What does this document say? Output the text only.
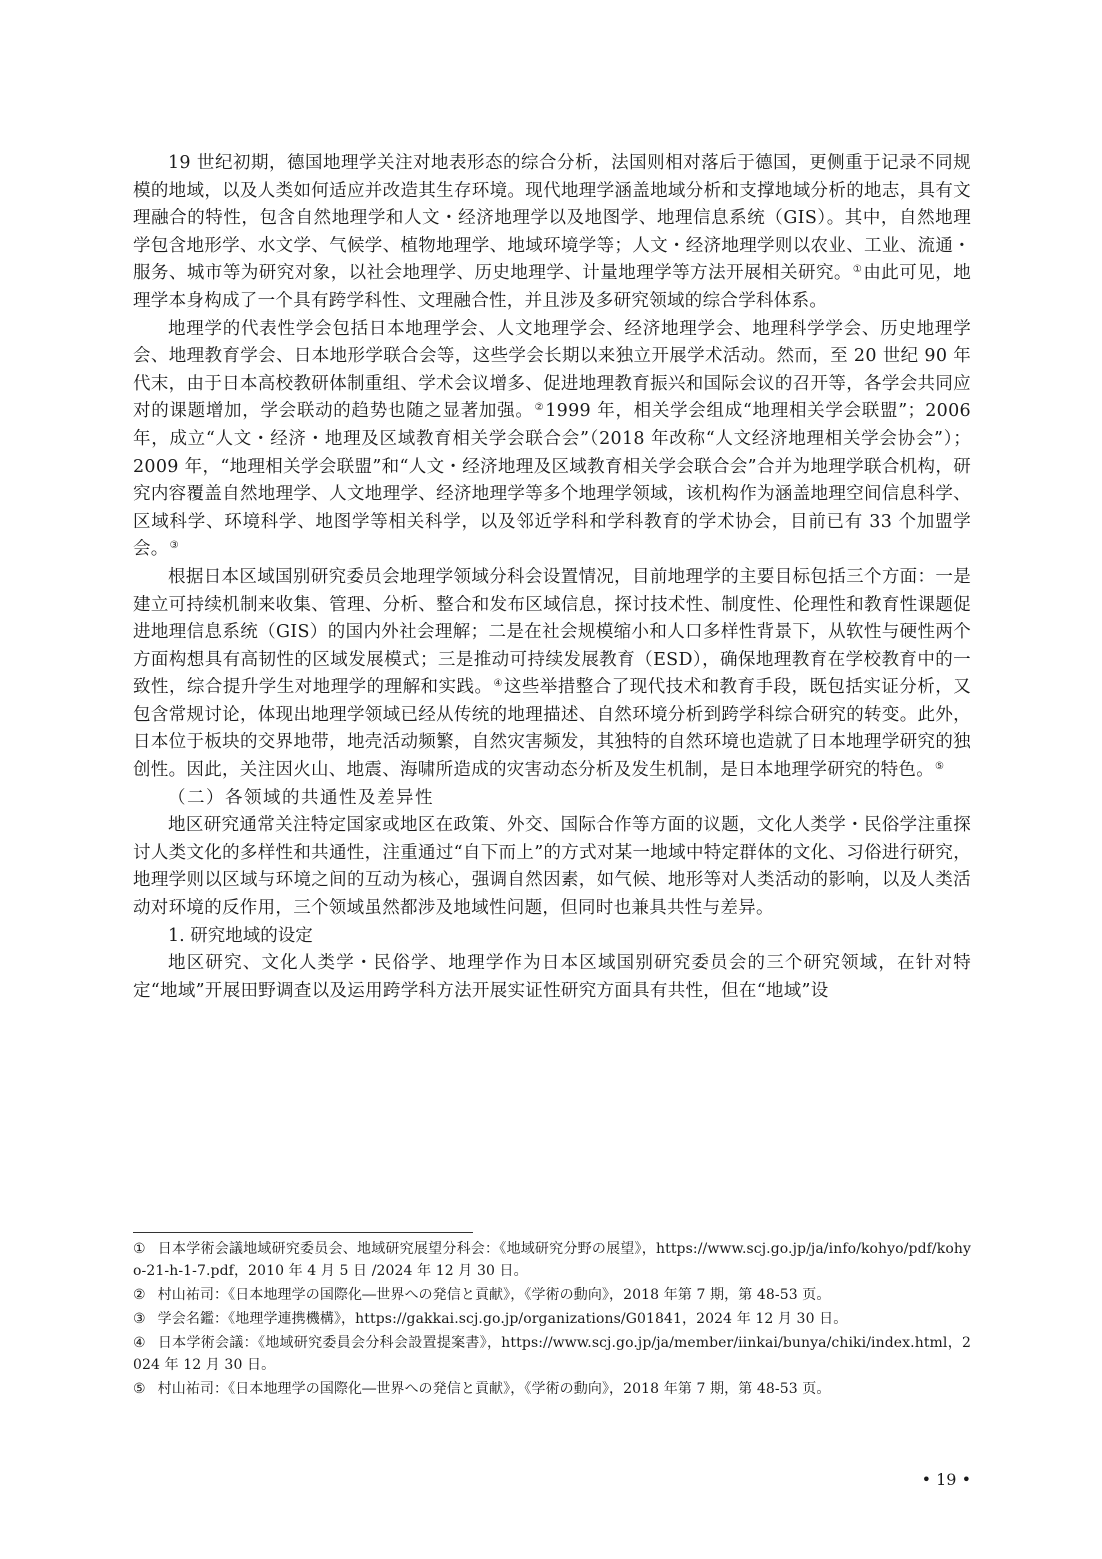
19 世纪初期，德国地理学关注对地表形态的综合分析，法国则相对落后于德国，更侧重于记录不同规模的地域，以及人类如何适应并改造其生存环境。现代地理学涵盖地域分析和支撑地域分析的地志，具有文理融合的特性，包含自然地理学和人文・经济地理学以及地图学、地理信息系统（GIS）。其中，自然地理学包含地形学、水文学、气候学、植物地理学、地域环境学等；人文・经济地理学则以农业、工业、流通・服务、城市等为研究对象，以社会地理学、历史地理学、计量地理学等方法开展相关研究。①由此可见，地理学本身构成了一个具有跨学科性、文理融合性，并且涉及多研究领域的综合学科体系。

地理学的代表性学会包括日本地理学会、人文地理学会、经济地理学会、地理科学学会、历史地理学会、地理教育学会、日本地形学联合会等，这些学会长期以来独立开展学术活动。然而，至 20 世纪 90 年代末，由于日本高校教研体制重组、学术会议增多、促进地理教育振兴和国际会议的召开等，各学会共同应对的课题增加，学会联动的趋势也随之显著加强。②1999 年，相关学会组成“地理相关学会联盟”；2006 年，成立“人文・经济・地理及区域教育相关学会联合会”（2018 年改称“人文经济地理相关学会协会”）；2009 年，“地理相关学会联盟”和“人文・经济地理及区域教育相关学会联合会”合并为地理学联合机构，研究内容覆盖自然地理学、人文地理学、经济地理学等多个地理学领域，该机构作为涵盖地理空间信息科学、区域科学、环境科学、地图学等相关科学，以及邻近学科和学科教育的学术协会，目前已有 33 个加盟学会。③

根据日本区域国别研究委员会地理学领域分科会设置情况，目前地理学的主要目标包括三个方面：一是建立可持续机制来收集、管理、分析、整合和发布区域信息，探讨技术性、制度性、伦理性和教育性课题促进地理信息系统（GIS）的国内外社会理解；二是在社会规模缩小和人口多样性背景下，从软性与硬性两个方面构想具有高韧性的区域发展模式；三是推动可持续发展教育（ESD），确保地理教育在学校教育中的一致性，综合提升学生对地理学的理解和实践。④这些举措整合了现代技术和教育手段，既包括实证分析，又包含常规讨论，体现出地理学领域已经从传统的地理描述、自然环境分析到跨学科综合研究的转变。此外，日本位于板块的交界地带，地壳活动频繁，自然灾害频发，其独特的自然环境也造就了日本地理学研究的独创性。因此，关注因火山、地震、海啸所造成的灾害动态分析及发生机制，是日本地理学研究的特色。⑤

（二）各领域的共通性及差异性

地区研究通常关注特定国家或地区在政策、外交、国际合作等方面的议题，文化人类学・民俗学注重探讨人类文化的多样性和共通性，注重通过“自下而上”的方式对某一地域中特定群体的文化、习俗进行研究，地理学则以区域与环境之间的互动为核心，强调自然因素，如气候、地形等对人类活动的影响，以及人类活动对环境的反作用，三个领域虽然都涉及地域性问题，但同时也兼具共性与差异。

1. 研究地域的设定

地区研究、文化人类学・民俗学、地理学作为日本区域国别研究委员会的三个研究领域，在针对特定“地域”开展田野调查以及运用跨学科方法开展实证性研究方面具有共性，但在“地域”设

① 日本学術会議地域研究委员会、地域研究展望分科会：《地域研究分野の展望》，https://www.scj.go.jp/ja/info/kohyo/pdf/kohyo-21-h-1-7.pdf，2010 年 4 月 5 日 /2024 年 12 月 30 日。

② 村山祐司：《日本地理学の国際化―世界への発信と貢献》，《学術の動向》，2018 年第 7 期，第 48-53 页。

③ 学会名鑑：《地理学連携機構》，https://gakkai.scj.go.jp/organizations/G01841，2024 年 12 月 30 日。

④ 日本学術会議：《地域研究委員会分科会設置提案書》，https://www.scj.go.jp/ja/member/iinkai/bunya/chiki/index.html，2024 年 12 月 30 日。

⑤ 村山祐司：《日本地理学の国際化―世界への発信と貢献》，《学術の動向》，2018 年第 7 期，第 48-53 页。

• 19 •
